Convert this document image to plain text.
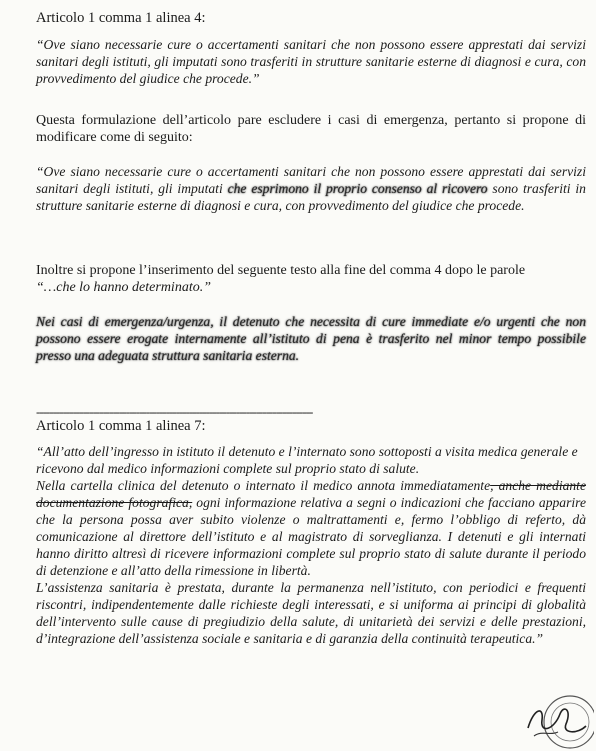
Articolo 1 comma 1 alinea 4:

“Ove siano necessarie cure o accertamenti sanitari che non possono essere apprestati dai servizi sanitari degli istituti, gli imputati sono trasferiti in strutture sanitarie esterne di diagnosi e cura, con provvedimento del giudice che procede.”

Questa formulazione dell’articolo pare escludere i casi di emergenza, pertanto si propone di modificare come di seguito:

“Ove siano necessarie cure o accertamenti sanitari che non possono essere apprestati dai servizi sanitari degli istituti, gli imputati che esprimono il proprio consenso al ricovero sono trasferiti in strutture sanitarie esterne di diagnosi e cura, con provvedimento del giudice che procede.

Inoltre si propone l’inserimento del seguente testo alla fine del comma 4 dopo le parole
“…che lo hanno determinato.”

Nei casi di emergenza/urgenza, il detenuto che necessita di cure immediate e/o urgenti che non possono essere erogate internamente all’istituto di pena è trasferito nel minor tempo possibile presso una adeguata struttura sanitaria esterna.

-----------------------------------------------------------------------------------

Articolo 1 comma 1 alinea 7:

“All’atto dell’ingresso in istituto il detenuto e l’internato sono sottoposti a visita medica generale e
ricevono dal medico informazioni complete sul proprio stato di salute.
Nella cartella clinica del detenuto o internato il medico annota immediatamente, anche mediante documentazione fotografica, ogni informazione relativa a segni o indicazioni che facciano apparire che la persona possa aver subito violenze o maltrattamenti e, fermo l’obbligo di referto, dà comunicazione al direttore dell’istituto e al magistrato di sorveglianza. I detenuti e gli internati hanno diritto altresì di ricevere informazioni complete sul proprio stato di salute durante il periodo di detenzione e all’atto della rimessione in libertà.
L’assistenza sanitaria è prestata, durante la permanenza nell’istituto, con periodici e frequenti riscontri, indipendentemente dalle richieste degli interessati, e si uniforma ai principi di globalità dell’intervento sulle cause di pregiudizio della salute, di unitarietà dei servizi e delle prestazioni, d’integrazione dell’assistenza sociale e sanitaria e di garanzia della continuità terapeutica.”
